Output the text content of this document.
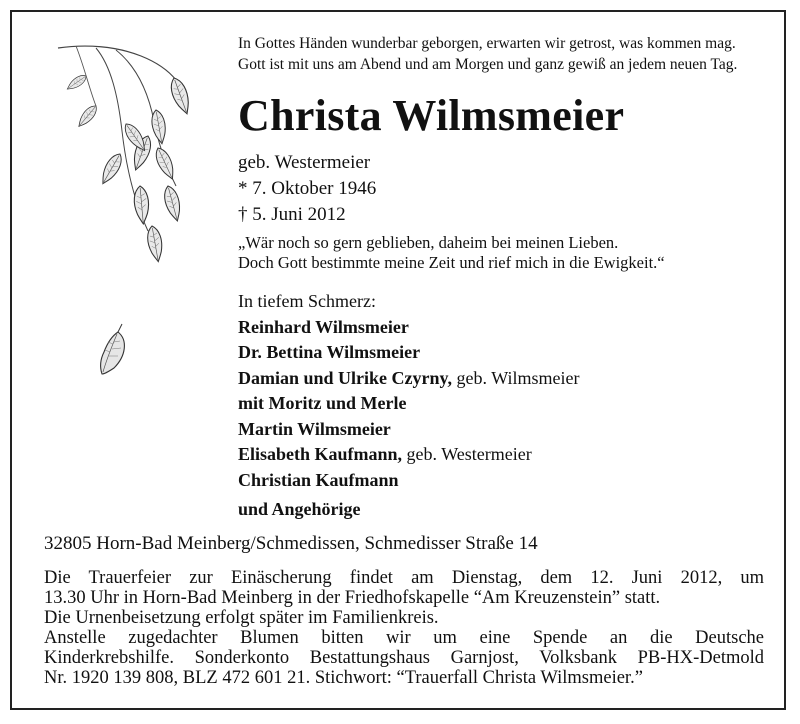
In Gottes Händen wunderbar geborgen, erwarten wir getrost, was kommen mag.
Gott ist mit uns am Abend und am Morgen und ganz gewiß an jedem neuen Tag.
Christa Wilmsmeier
geb. Westermeier
* 7. Oktober 1946
† 5. Juni 2012
„Wär noch so gern geblieben, daheim bei meinen Lieben.
Doch Gott bestimmte meine Zeit und rief mich in die Ewigkeit.“
In tiefem Schmerz:
Reinhard Wilmsmeier
Dr. Bettina Wilmsmeier
Damian und Ulrike Czyrny, geb. Wilmsmeier
mit Moritz und Merle
Martin Wilmsmeier
Elisabeth Kaufmann, geb. Westermeier
Christian Kaufmann
und Angehörige
32805 Horn-Bad Meinberg/Schmedissen, Schmedisser Straße 14
Die Trauerfeier zur Einäscherung findet am Dienstag, dem 12. Juni 2012, um
13.30 Uhr in Horn-Bad Meinberg in der Friedhofskapelle “Am Kreuzenstein” statt.
Die Urnenbeisetzung erfolgt später im Familienkreis.
Anstelle zugedachter Blumen bitten wir um eine Spende an die Deutsche
Kinderkrebshilfe. Sonderkonto Bestattungshaus Garnjost, Volksbank PB-HX-Detmold
Nr. 1920 139 808, BLZ 472 601 21. Stichwort: “Trauerfall Christa Wilmsmeier.”
